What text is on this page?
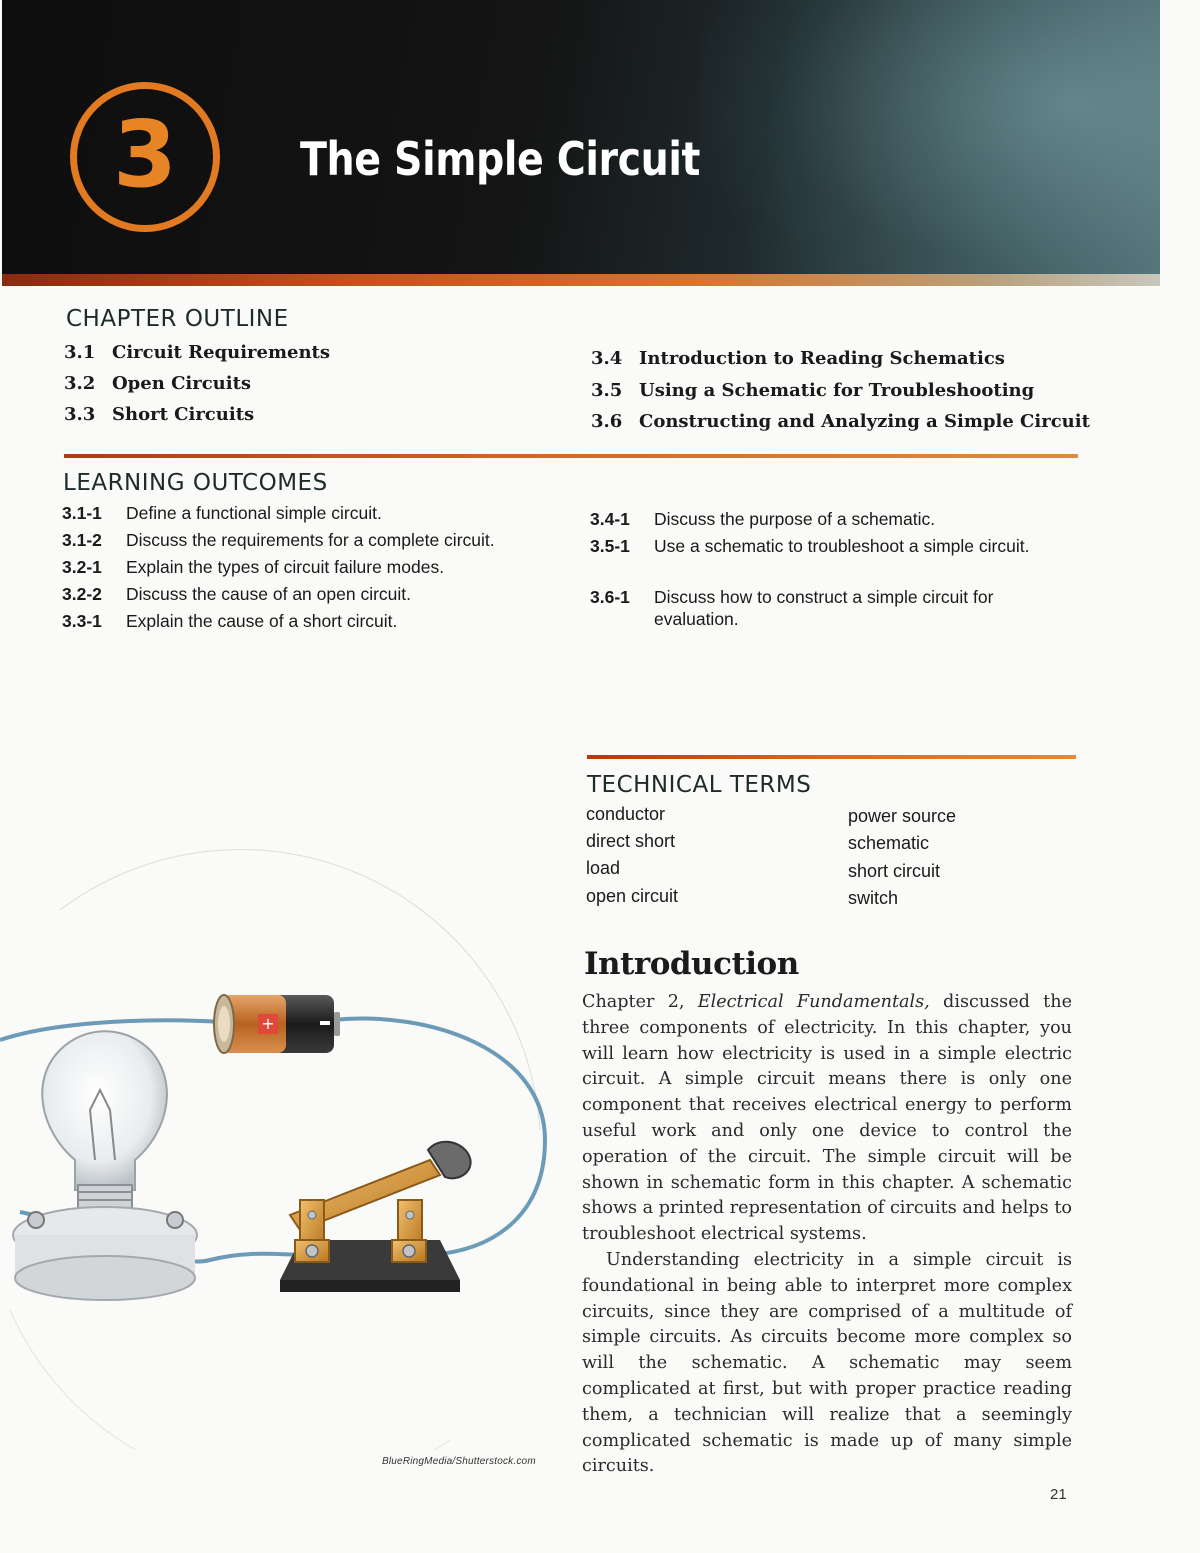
3	The Simple Circuit
CHAPTER OUTLINE
3.1 Circuit Requirements
3.2 Open Circuits
3.3 Short Circuits
3.4 Introduction to Reading Schematics
3.5 Using a Schematic for Troubleshooting
3.6 Constructing and Analyzing a Simple Circuit
LEARNING OUTCOMES
3.1-1	Define a functional simple circuit.
3.1-2	Discuss the requirements for a complete circuit.
3.2-1	Explain the types of circuit failure modes.
3.2-2	Discuss the cause of an open circuit.
3.3-1	Explain the cause of a short circuit.
3.4-1	Discuss the purpose of a schematic.
3.5-1	Use a schematic to troubleshoot a simple circuit.
3.6-1	Discuss how to construct a simple circuit for evaluation.
TECHNICAL TERMS
conductor
direct short
load
open circuit
power source
schematic
short circuit
switch
Introduction

Chapter 2, Electrical Fundamentals, discussed the three components of electricity. In this chapter, you will learn how electricity is used in a simple electric circuit. A simple circuit means there is only one component that receives electrical energy to perform useful work and only one device to control the operation of the circuit. The simple circuit will be shown in schematic form in this chapter. A schematic shows a printed representation of circuits and helps to troubleshoot electrical systems.

Understanding electricity in a simple circuit is foundational in being able to interpret more complex circuits, since they are comprised of a multitude of simple circuits. As circuits become more complex so will the schematic. A schematic may seem complicated at first, but with proper practice reading them, a technician will realize that a seemingly complicated schematic is made up of many simple circuits.

+
BlueRingMedia/Shutterstock.com
21
